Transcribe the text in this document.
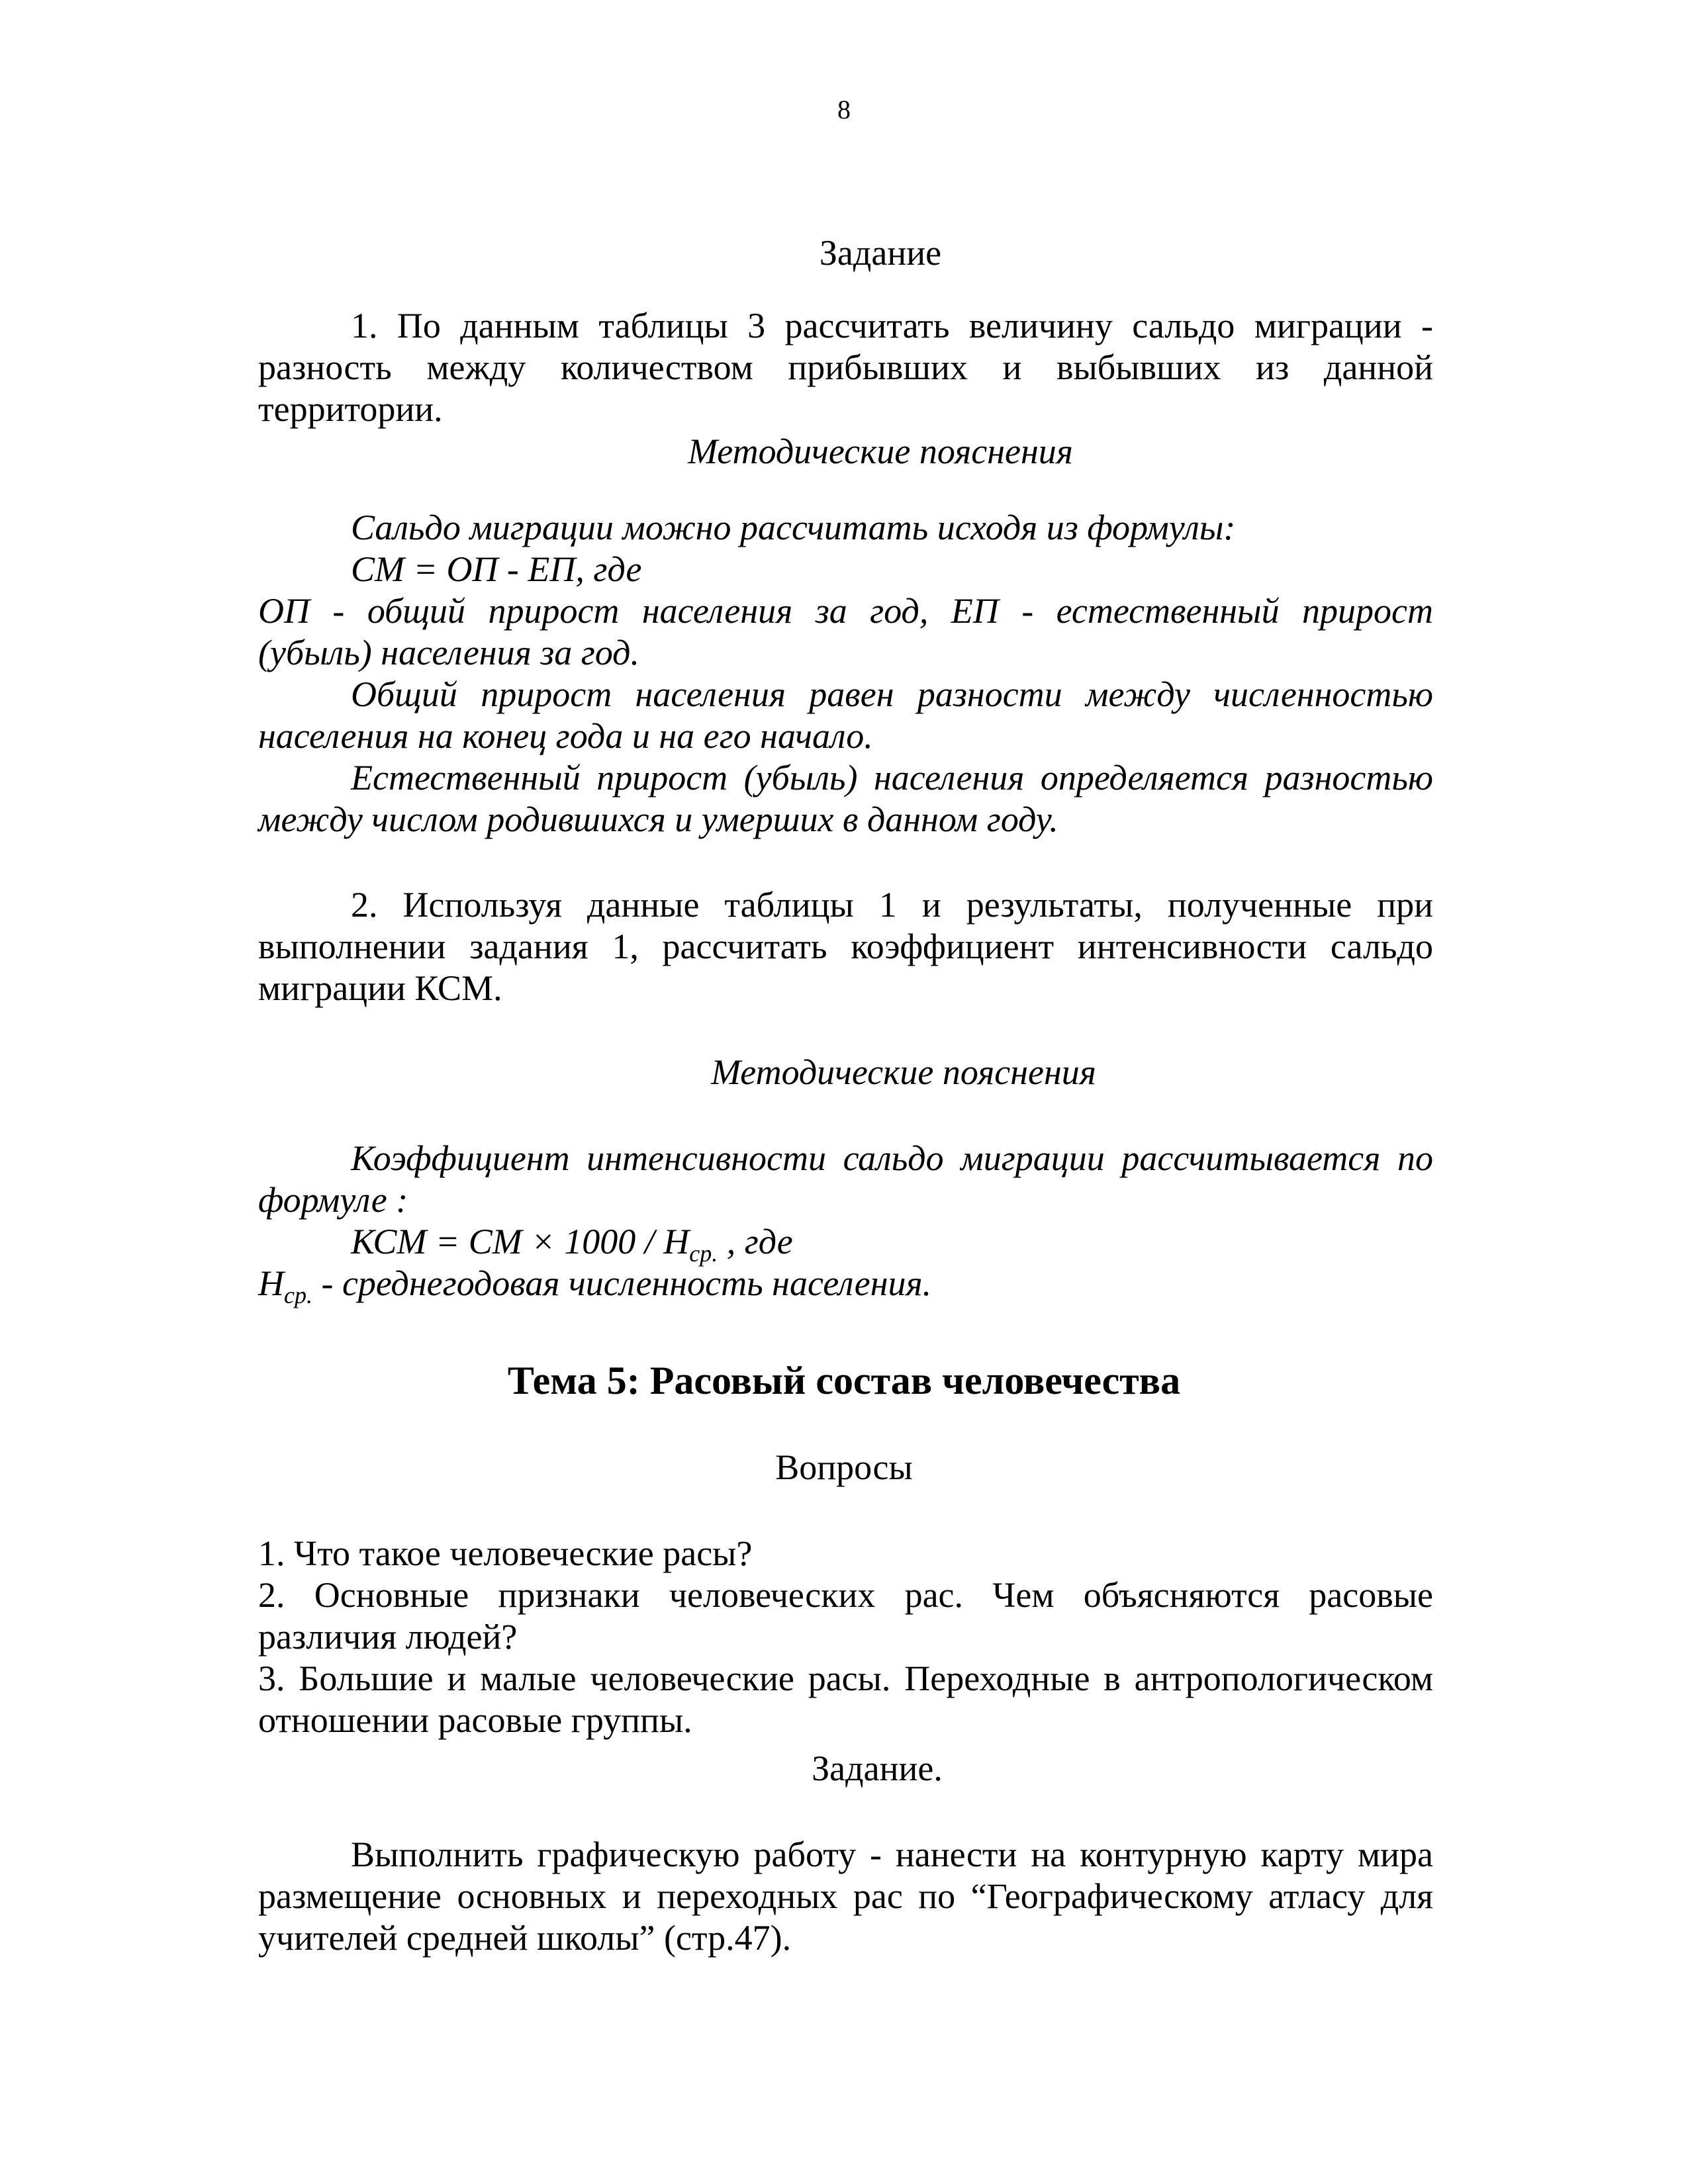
8
Задание

1. По данным таблицы 3 рассчитать величину сальдо миграции -

разность между количеством прибывших и выбывших из данной

территории.

Методические пояснения

Сальдо миграции можно рассчитать исходя из формулы:

СМ = ОП - ЕП, где

ОП - общий прирост населения за год, ЕП - естественный прирост

(убыль) населения за год.

Общий прирост населения равен разности между численностью

населения на конец года и на его начало.

Естественный прирост (убыль) населения определяется разностью

между числом родившихся и умерших в данном году.

2. Используя данные таблицы 1 и результаты, полученные при

выполнении задания 1, рассчитать коэффициент интенсивности сальдо

миграции КСМ.

Методические пояснения

Коэффициент интенсивности сальдо миграции рассчитывается по

формуле :

КСМ = СМ × $1000 / Н_{ср.}$ , где

$Н_{ср.}$ - среднегодовая численность населения.

Тема 5: Расовый состав человечества
Вопросы

1. Что такое человеческие расы?

2. Основные признаки человеческих рас. Чем объясняются расовые

различия людей?

3. Большие и малые человеческие расы. Переходные в антропологическом

отношении расовые группы.

Задание.

Выполнить графическую работу - нанести на контурную карту мира

размещение основных и переходных рас по “Географическому атласу для

учителей средней школы” (стр.47).
